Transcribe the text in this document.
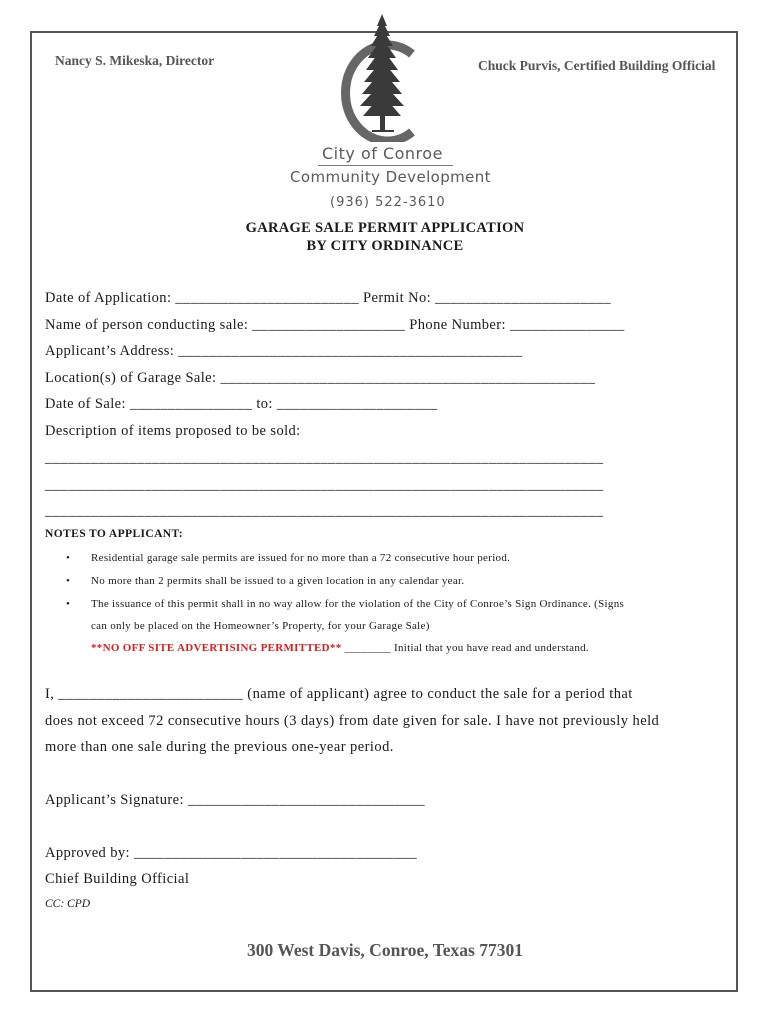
Nancy S. Mikeska, Director	Chuck Purvis, Certified Building Official
City of Conroe
Community Development
(936) 522-3610
GARAGE SALE PERMIT APPLICATION
BY CITY ORDINANCE
Date of Application: ________________________ Permit No: _______________________
Name of person conducting sale: ____________________ Phone Number: _______________
Applicant’s Address: _____________________________________________
Location(s) of Garage Sale: _________________________________________________
Date of Sale: ________________ to: _____________________
Description of items proposed to be sold:
_________________________________________________________________________
_________________________________________________________________________
_________________________________________________________________________
NOTES TO APPLICANT:
• Residential garage sale permits are issued for no more than a 72 consecutive hour period.
• No more than 2 permits shall be issued to a given location in any calendar year.
• The issuance of this permit shall in no way allow for the violation of the City of Conroe’s Sign Ordinance. (Signs
can only be placed on the Homeowner’s Property, for your Garage Sale)
**NO OFF SITE ADVERTISING PERMITTED** ________ Initial that you have read and understand.
I, ________________________ (name of applicant) agree to conduct the sale for a period that
does not exceed 72 consecutive hours (3 days) from date given for sale. I have not previously held
more than one sale during the previous one-year period.
Applicant’s Signature: _______________________________
Approved by: _____________________________________
Chief Building Official
CC: CPD
300 West Davis, Conroe, Texas 77301
